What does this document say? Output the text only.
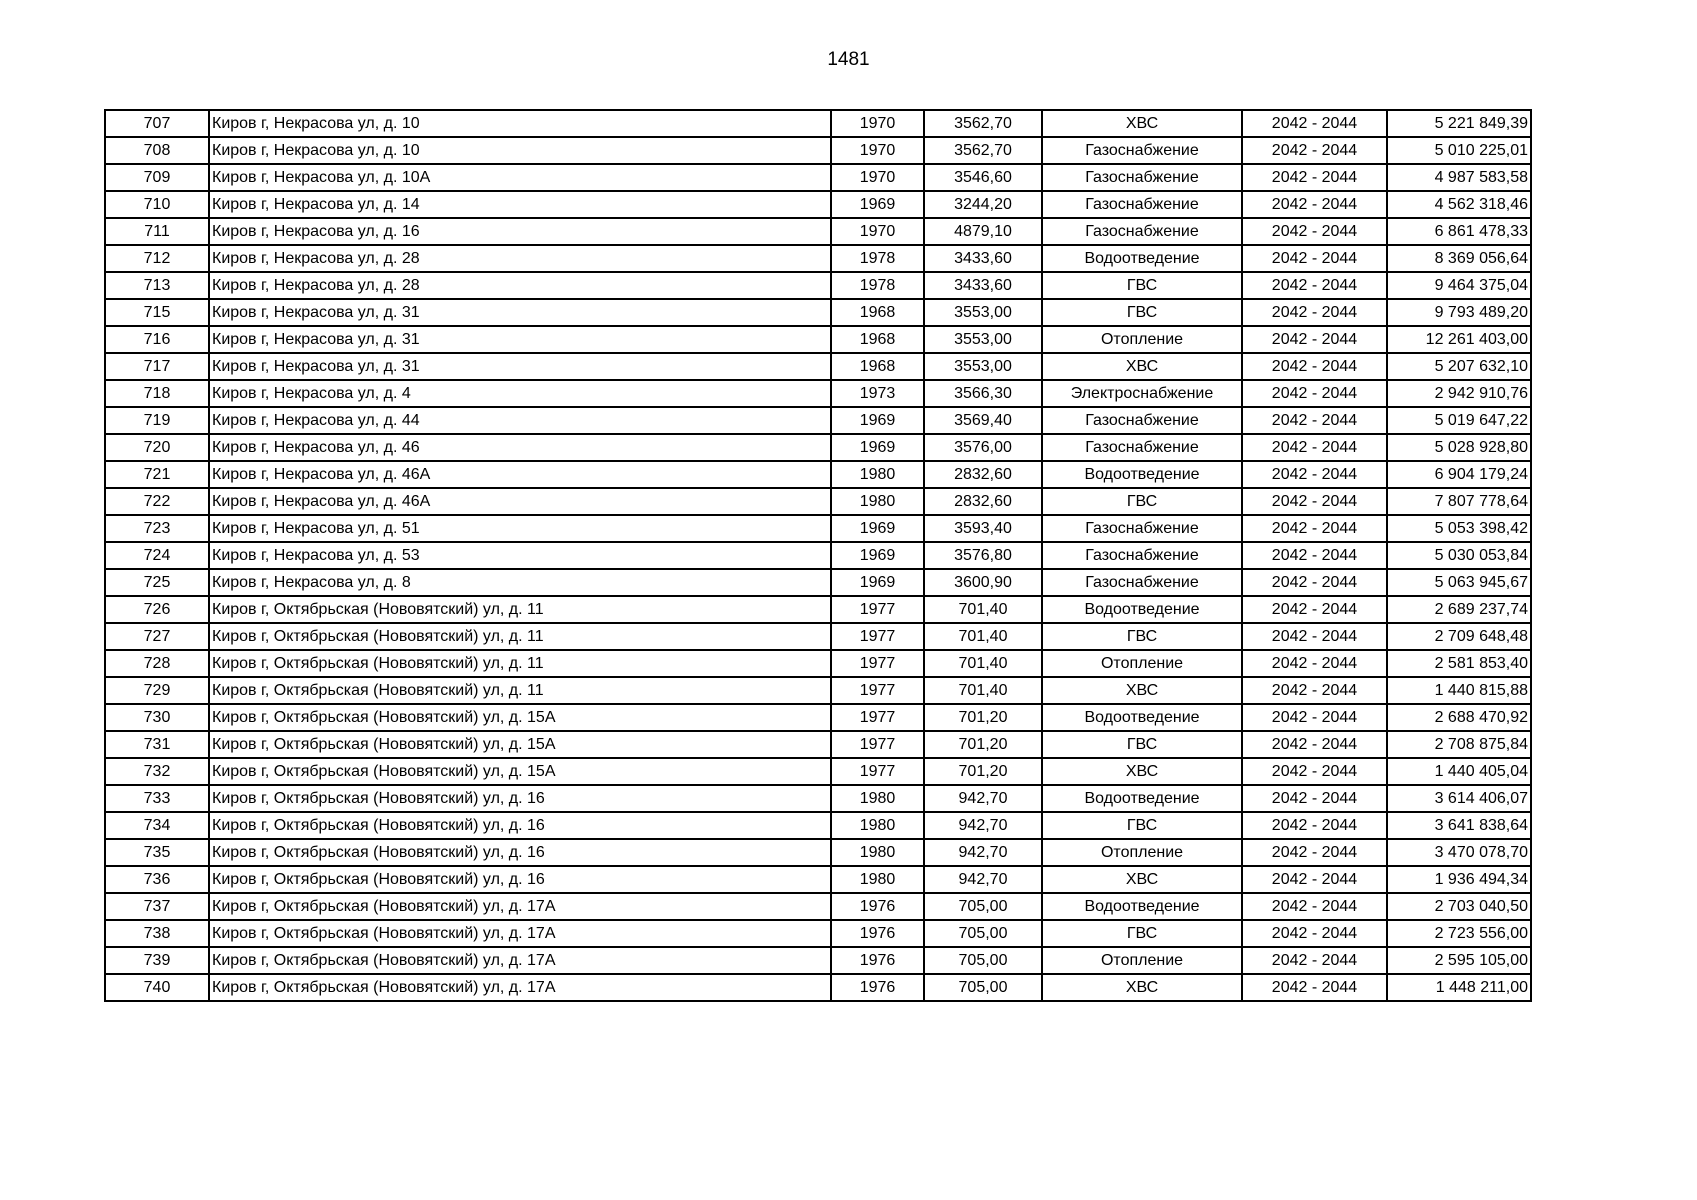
1481
707	Киров г, Некрасова ул, д. 10	1970	3562,70	ХВС	2042 - 2044	5 221 849,39
708	Киров г, Некрасова ул, д. 10	1970	3562,70	Газоснабжение	2042 - 2044	5 010 225,01
709	Киров г, Некрасова ул, д. 10А	1970	3546,60	Газоснабжение	2042 - 2044	4 987 583,58
710	Киров г, Некрасова ул, д. 14	1969	3244,20	Газоснабжение	2042 - 2044	4 562 318,46
711	Киров г, Некрасова ул, д. 16	1970	4879,10	Газоснабжение	2042 - 2044	6 861 478,33
712	Киров г, Некрасова ул, д. 28	1978	3433,60	Водоотведение	2042 - 2044	8 369 056,64
713	Киров г, Некрасова ул, д. 28	1978	3433,60	ГВС	2042 - 2044	9 464 375,04
715	Киров г, Некрасова ул, д. 31	1968	3553,00	ГВС	2042 - 2044	9 793 489,20
716	Киров г, Некрасова ул, д. 31	1968	3553,00	Отопление	2042 - 2044	12 261 403,00
717	Киров г, Некрасова ул, д. 31	1968	3553,00	ХВС	2042 - 2044	5 207 632,10
718	Киров г, Некрасова ул, д. 4	1973	3566,30	Электроснабжение	2042 - 2044	2 942 910,76
719	Киров г, Некрасова ул, д. 44	1969	3569,40	Газоснабжение	2042 - 2044	5 019 647,22
720	Киров г, Некрасова ул, д. 46	1969	3576,00	Газоснабжение	2042 - 2044	5 028 928,80
721	Киров г, Некрасова ул, д. 46А	1980	2832,60	Водоотведение	2042 - 2044	6 904 179,24
722	Киров г, Некрасова ул, д. 46А	1980	2832,60	ГВС	2042 - 2044	7 807 778,64
723	Киров г, Некрасова ул, д. 51	1969	3593,40	Газоснабжение	2042 - 2044	5 053 398,42
724	Киров г, Некрасова ул, д. 53	1969	3576,80	Газоснабжение	2042 - 2044	5 030 053,84
725	Киров г, Некрасова ул, д. 8	1969	3600,90	Газоснабжение	2042 - 2044	5 063 945,67
726	Киров г, Октябрьская (Нововятский) ул, д. 11	1977	701,40	Водоотведение	2042 - 2044	2 689 237,74
727	Киров г, Октябрьская (Нововятский) ул, д. 11	1977	701,40	ГВС	2042 - 2044	2 709 648,48
728	Киров г, Октябрьская (Нововятский) ул, д. 11	1977	701,40	Отопление	2042 - 2044	2 581 853,40
729	Киров г, Октябрьская (Нововятский) ул, д. 11	1977	701,40	ХВС	2042 - 2044	1 440 815,88
730	Киров г, Октябрьская (Нововятский) ул, д. 15А	1977	701,20	Водоотведение	2042 - 2044	2 688 470,92
731	Киров г, Октябрьская (Нововятский) ул, д. 15А	1977	701,20	ГВС	2042 - 2044	2 708 875,84
732	Киров г, Октябрьская (Нововятский) ул, д. 15А	1977	701,20	ХВС	2042 - 2044	1 440 405,04
733	Киров г, Октябрьская (Нововятский) ул, д. 16	1980	942,70	Водоотведение	2042 - 2044	3 614 406,07
734	Киров г, Октябрьская (Нововятский) ул, д. 16	1980	942,70	ГВС	2042 - 2044	3 641 838,64
735	Киров г, Октябрьская (Нововятский) ул, д. 16	1980	942,70	Отопление	2042 - 2044	3 470 078,70
736	Киров г, Октябрьская (Нововятский) ул, д. 16	1980	942,70	ХВС	2042 - 2044	1 936 494,34
737	Киров г, Октябрьская (Нововятский) ул, д. 17А	1976	705,00	Водоотведение	2042 - 2044	2 703 040,50
738	Киров г, Октябрьская (Нововятский) ул, д. 17А	1976	705,00	ГВС	2042 - 2044	2 723 556,00
739	Киров г, Октябрьская (Нововятский) ул, д. 17А	1976	705,00	Отопление	2042 - 2044	2 595 105,00
740	Киров г, Октябрьская (Нововятский) ул, д. 17А	1976	705,00	ХВС	2042 - 2044	1 448 211,00
